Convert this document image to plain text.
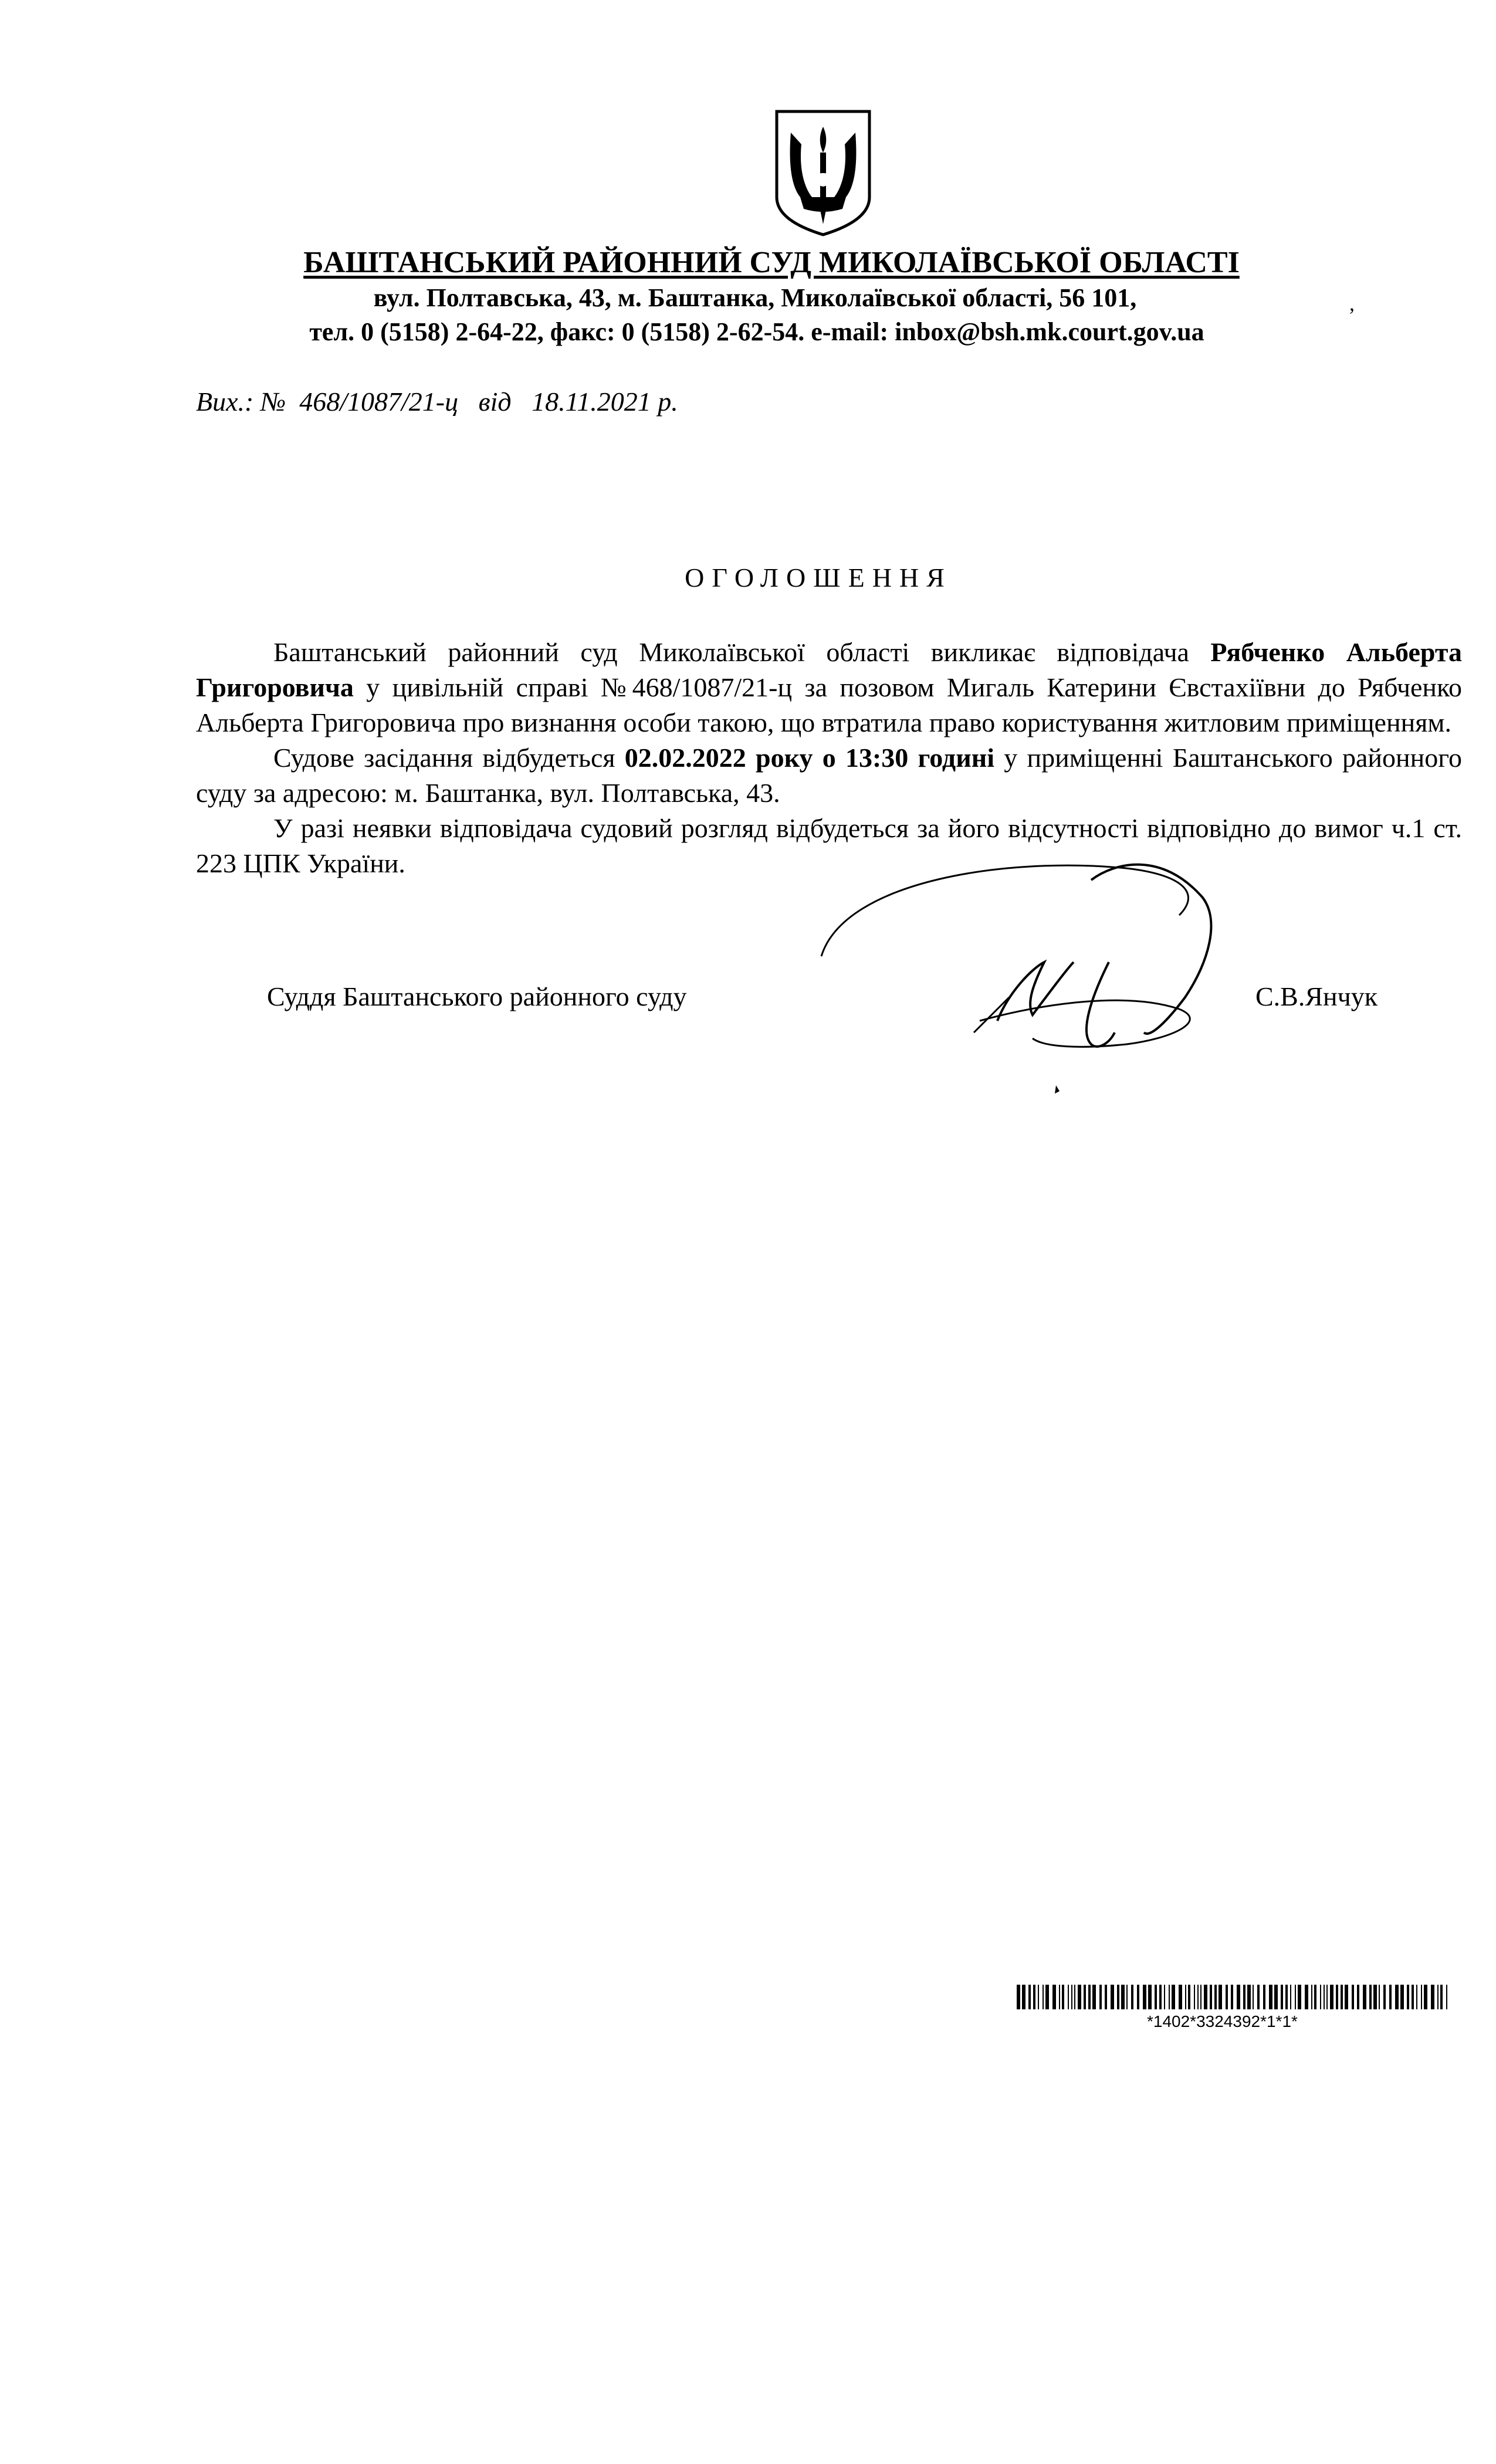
БАШТАНСЬКИЙ РАЙОННИЙ СУД МИКОЛАЇВСЬКОЇ ОБЛАСТІ
вул. Полтавська, 43, м. Баштанка, Миколаївської області, 56 101,	,
тел. 0 (5158) 2-64-22, факс: 0 (5158) 2-62-54. e-mail: inbox@bsh.mk.court.gov.ua
Вих.: № 468/1087/21-ц від 18.11.2021 р.
ОГОЛОШЕННЯ

Баштанський районний суд Миколаївської області викликає відповідача Рябченко Альберта Григоровича у цивільній справі №468/1087/21-ц за позовом Мигаль Катерини Євстахіївни до Рябченко Альберта Григоровича про визнання особи такою, що втратила право користування житловим приміщенням.

Судове засідання відбудеться 02.02.2022 року о 13:30 годині у приміщенні Баштанського районного суду за адресою: м. Баштанка, вул. Полтавська, 43.

У разі неявки відповідача судовий розгляд відбудеться за його відсутності відповідно до вимог ч.1 ст. 223 ЦПК України.

Суддя Баштанського районного суду	С.В.Янчук
*1402*3324392*1*1*
